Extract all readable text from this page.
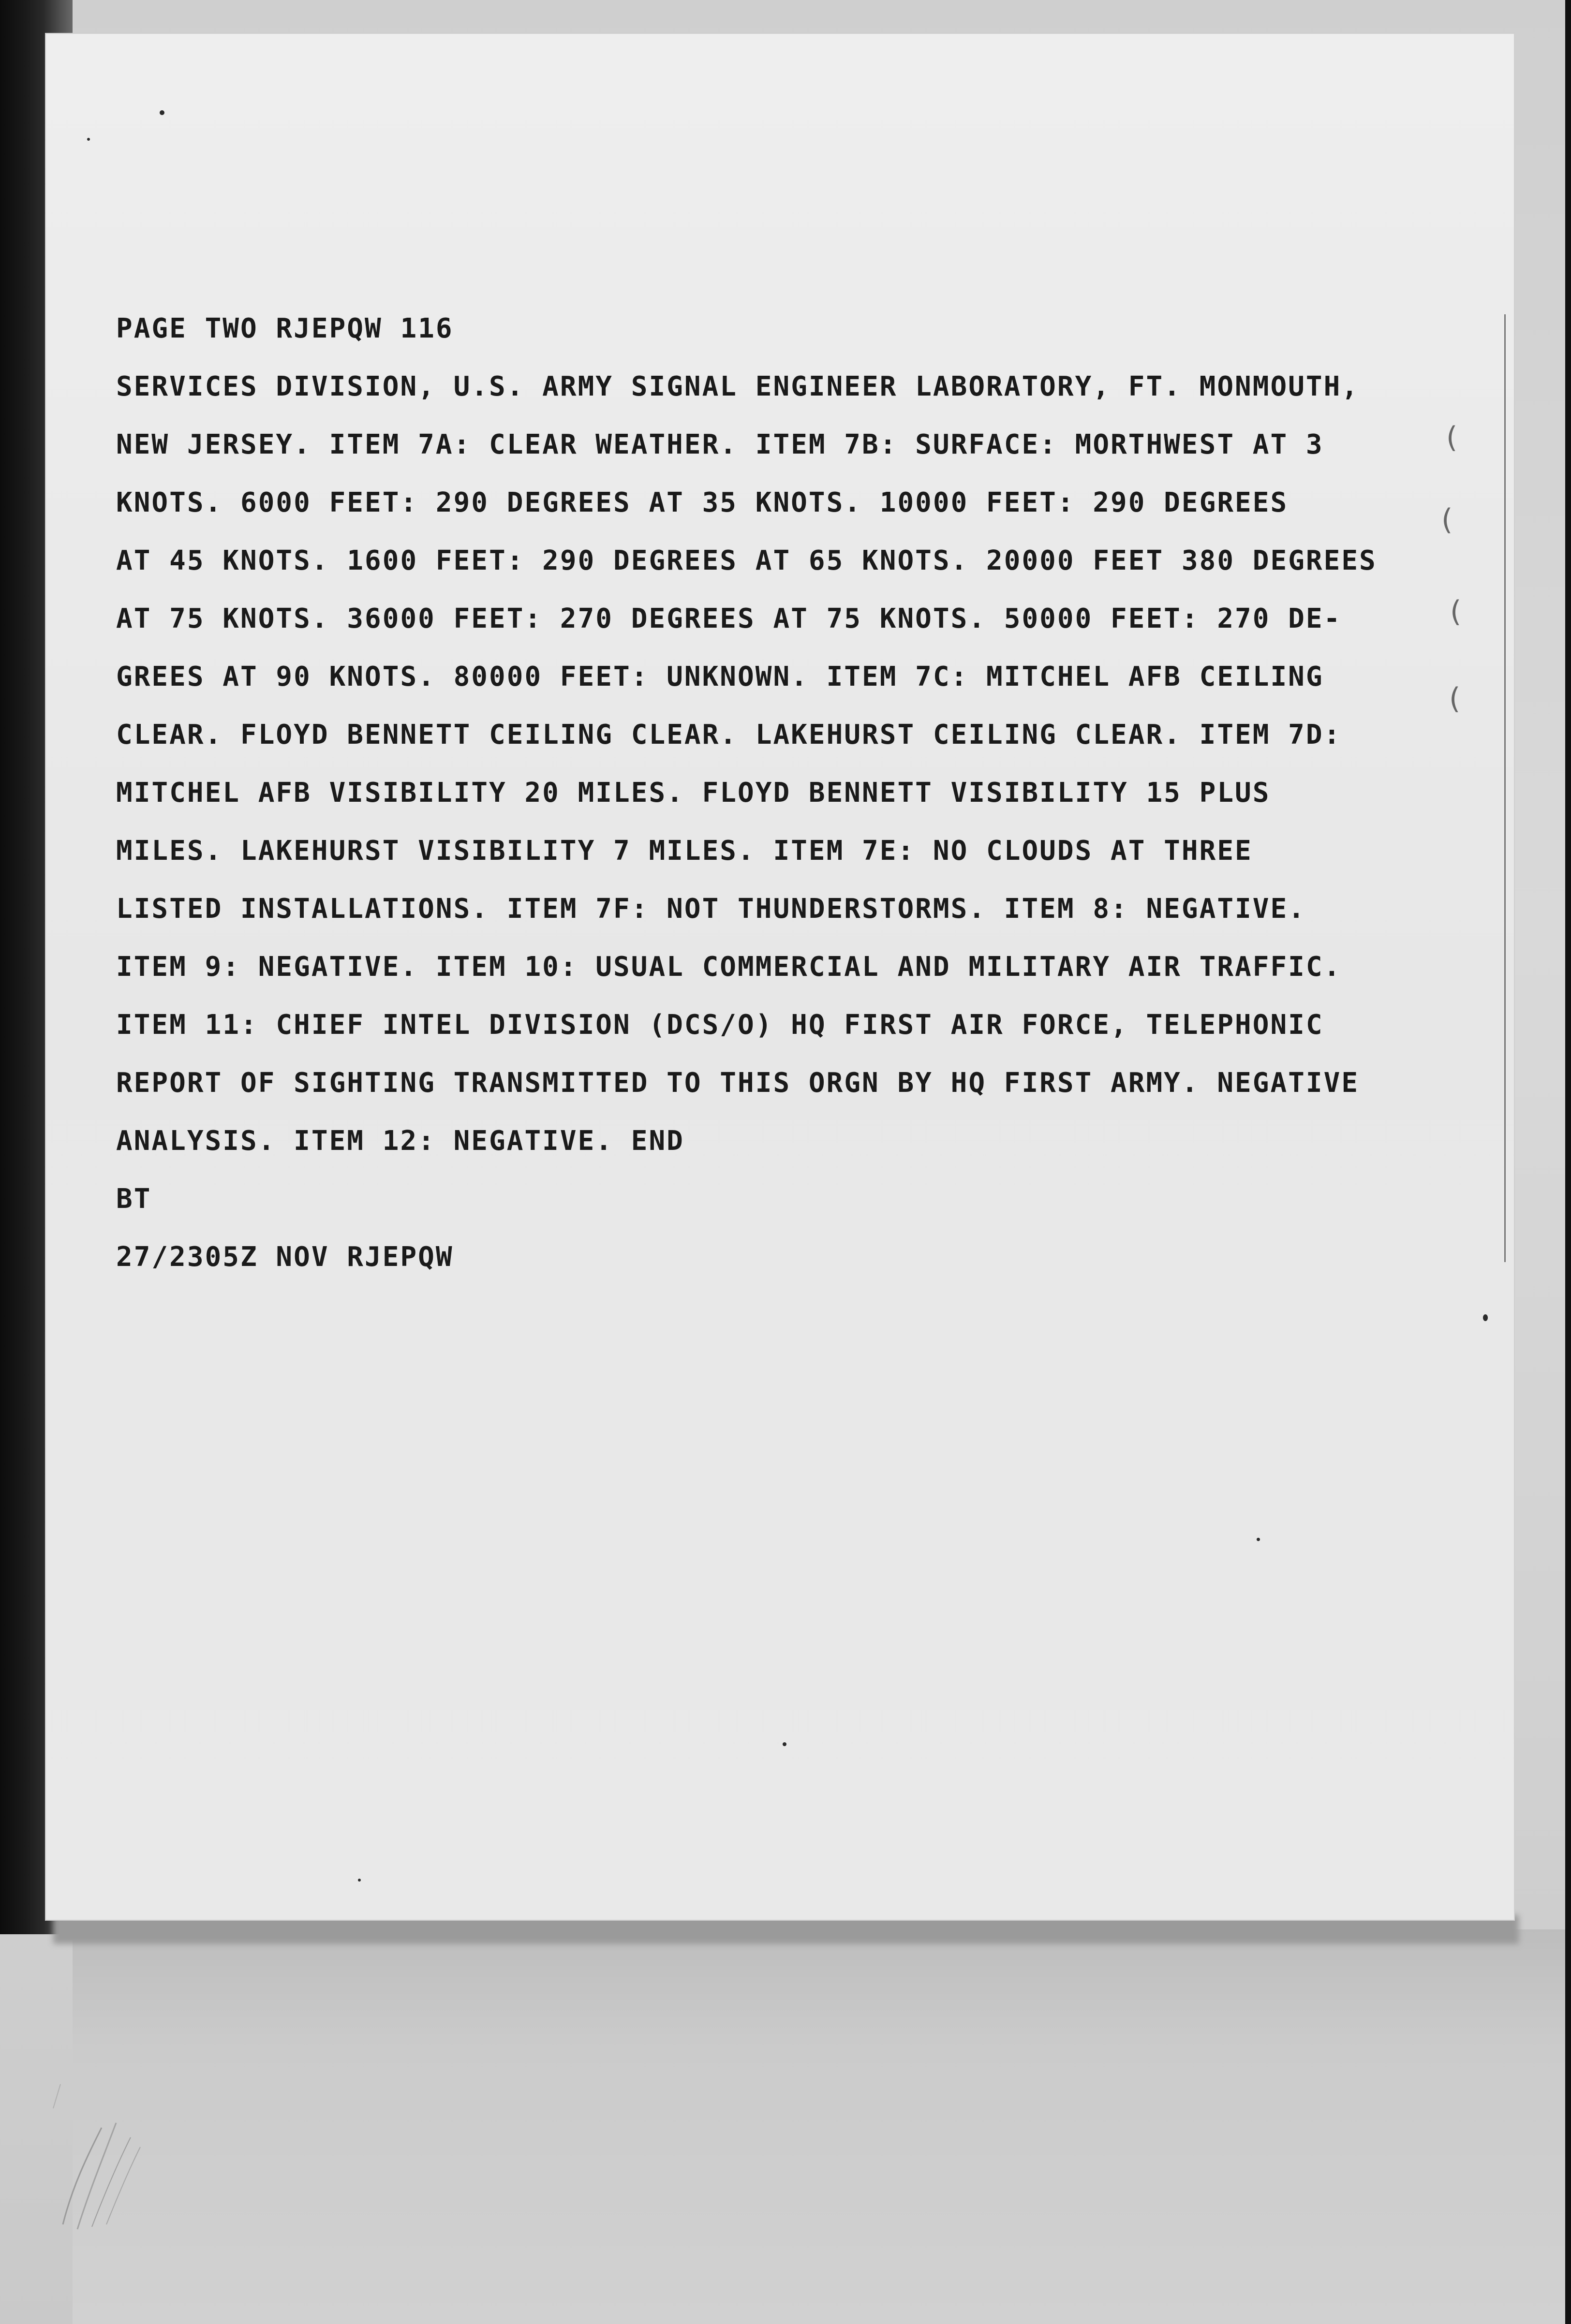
(
(
(
(
PAGE TWO RJEPQW 116
SERVICES DIVISION, U.S. ARMY SIGNAL ENGINEER LABORATORY, FT. MONMOUTH,
NEW JERSEY. ITEM 7A: CLEAR WEATHER. ITEM 7B: SURFACE: MORTHWEST AT 3
KNOTS. 6000 FEET: 290 DEGREES AT 35 KNOTS. 10000 FEET: 290 DEGREES
AT 45 KNOTS. 1600 FEET: 290 DEGREES AT 65 KNOTS. 20000 FEET 380 DEGREES
AT 75 KNOTS. 36000 FEET: 270 DEGREES AT 75 KNOTS. 50000 FEET: 270 DE-
GREES AT 90 KNOTS. 80000 FEET: UNKNOWN. ITEM 7C: MITCHEL AFB CEILING
CLEAR. FLOYD BENNETT CEILING CLEAR. LAKEHURST CEILING CLEAR. ITEM 7D:
MITCHEL AFB VISIBILITY 20 MILES. FLOYD BENNETT VISIBILITY 15 PLUS
MILES. LAKEHURST VISIBILITY 7 MILES. ITEM 7E: NO CLOUDS AT THREE
LISTED INSTALLATIONS. ITEM 7F: NOT THUNDERSTORMS. ITEM 8: NEGATIVE.
ITEM 9: NEGATIVE. ITEM 10: USUAL COMMERCIAL AND MILITARY AIR TRAFFIC.
ITEM 11: CHIEF INTEL DIVISION (DCS/O) HQ FIRST AIR FORCE, TELEPHONIC
REPORT OF SIGHTING TRANSMITTED TO THIS ORGN BY HQ FIRST ARMY. NEGATIVE
ANALYSIS. ITEM 12: NEGATIVE. END
BT
27/2305Z NOV RJEPQW
